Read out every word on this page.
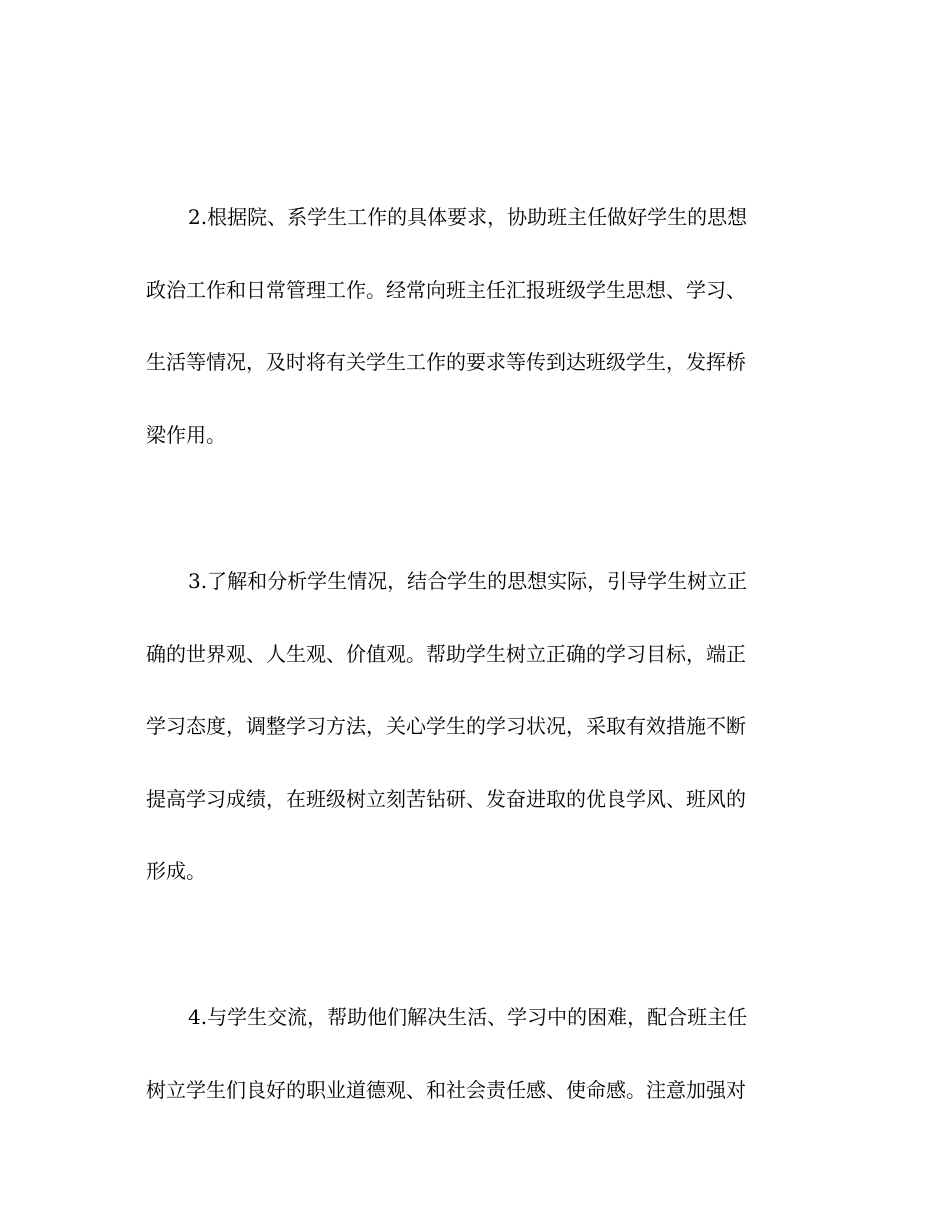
2.根据院、系学生工作的具体要求，协助班主任做好学生的思想
政治工作和日常管理工作。经常向班主任汇报班级学生思想、学习、
生活等情况，及时将有关学生工作的要求等传到达班级学生，发挥桥
梁作用。
3.了解和分析学生情况，结合学生的思想实际，引导学生树立正
确的世界观、人生观、价值观。帮助学生树立正确的学习目标，端正
学习态度，调整学习方法，关心学生的学习状况，采取有效措施不断
提高学习成绩，在班级树立刻苦钻研、发奋进取的优良学风、班风的
形成。
4.与学生交流，帮助他们解决生活、学习中的困难，配合班主任
树立学生们良好的职业道德观、和社会责任感、使命感。注意加强对
